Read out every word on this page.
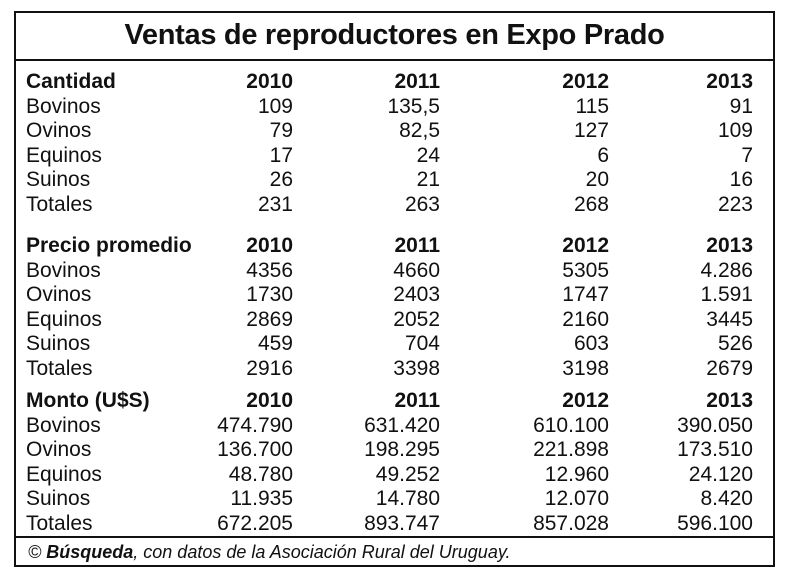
Ventas de reproductores en Expo Prado
Cantidad	2010	2011	2012	2013
Bovinos	109	135,5	115	91
Ovinos	79	82,5	127	109
Equinos	17	24	6	7
Suinos	26	21	20	16
Totales	231	263	268	223
Precio promedio	2010	2011	2012	2013
Bovinos	4356	4660	5305	4.286
Ovinos	1730	2403	1747	1.591
Equinos	2869	2052	2160	3445
Suinos	459	704	603	526
Totales	2916	3398	3198	2679
Monto (U$S)	2010	2011	2012	2013
Bovinos	474.790	631.420	610.100	390.050
Ovinos	136.700	198.295	221.898	173.510
Equinos	48.780	49.252	12.960	24.120
Suinos	11.935	14.780	12.070	8.420
Totales	672.205	893.747	857.028	596.100
© Búsqueda, con datos de la Asociación Rural del Uruguay.
